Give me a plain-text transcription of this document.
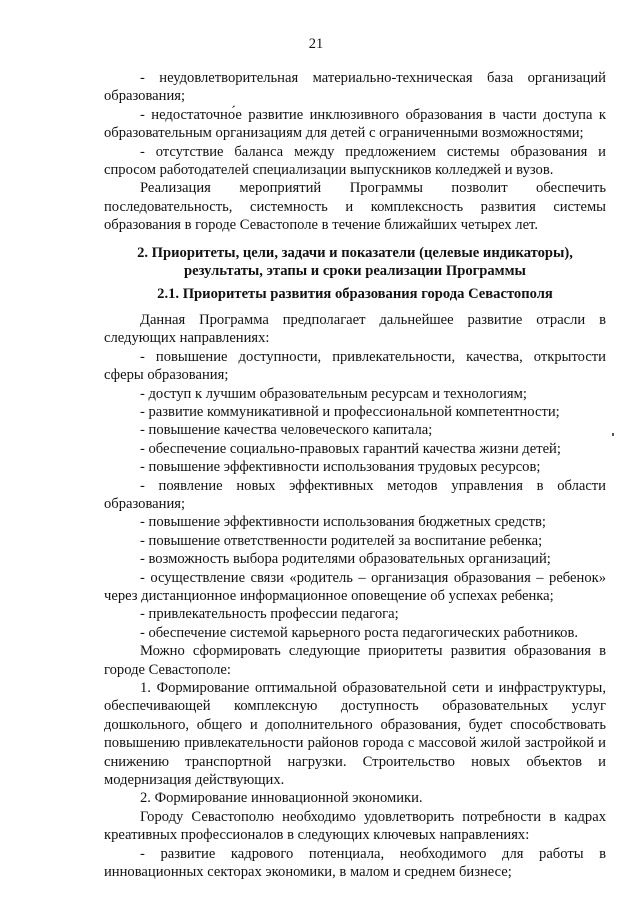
21

- неудовлетворительная материально-техническая база организаций образования;

- недостаточно́е развитие инклюзивного образования в части доступа к образовательным организациям для детей с ограниченными возможностями;

- отсутствие баланса между предложением системы образования и спросом работодателей специализации выпускников колледжей и вузов.

Реализация мероприятий Программы позволит обеспечить последовательность, системность и комплексность развития системы образования в городе Севастополе в течение ближайших четырех лет.

2. Приоритеты, цели, задачи и показатели (целевые индикаторы), результаты, этапы и сроки реализации Программы
2.1. Приоритеты развития образования города Севастополя

Данная Программа предполагает дальнейшее развитие отрасли в следующих направлениях:

- повышение доступности, привлекательности, качества, открытости сферы образования;

- доступ к лучшим образовательным ресурсам и технологиям;

- развитие коммуникативной и профессиональной компетентности;

- повышение качества человеческого капитала;

- обеспечение социально-правовых гарантий качества жизни детей;

- повышение эффективности использования трудовых ресурсов;

- появление новых эффективных методов управления в области образования;

- повышение эффективности использования бюджетных средств;

- повышение ответственности родителей за воспитание ребенка;

- возможность выбора родителями образовательных организаций;

- осуществление связи «родитель – организация образования – ребенок» через дистанционное информационное оповещение об успехах ребенка;

- привлекательность профессии педагога;

- обеспечение системой карьерного роста педагогических работников.

Можно сформировать следующие приоритеты развития образования в городе Севастополе:

1. Формирование оптимальной образовательной сети и инфраструктуры, обеспечивающей комплексную доступность образовательных услуг дошкольного, общего и дополнительного образования, будет способствовать повышению привлекательности районов города с массовой жилой застройкой и снижению транспортной нагрузки. Строительство новых объектов и модернизация действующих.

2. Формирование инновационной экономики.

Городу Севастополю необходимо удовлетворить потребности в кадрах креативных профессионалов в следующих ключевых направлениях:

- развитие кадрового потенциала, необходимого для работы в инновационных секторах экономики, в малом и среднем бизнесе;
